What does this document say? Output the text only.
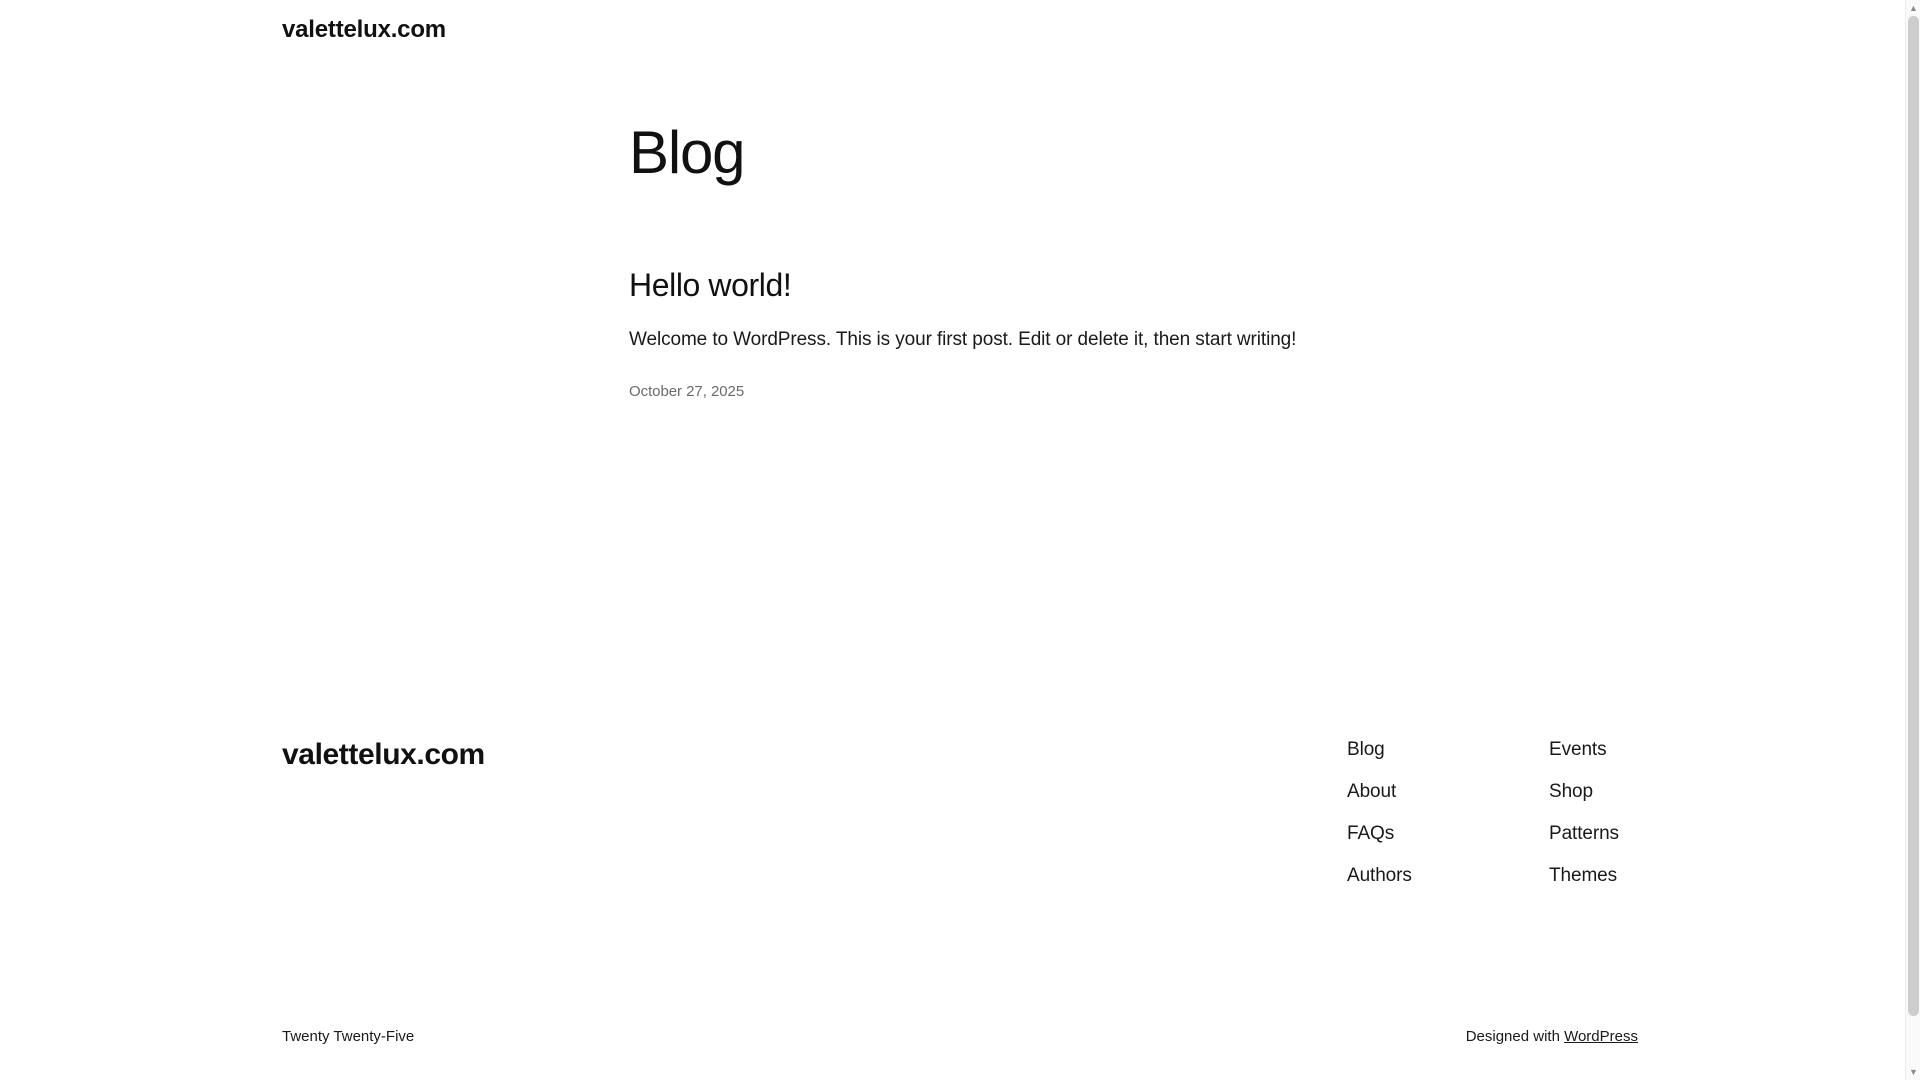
valettelux.com
Blog
Hello world!

Welcome to WordPress. This is your first post. Edit or delete it, then start writing!

October 27, 2025
valettelux.com	Blog
About
FAQs
Authors
Events
Shop
Patterns
Themes
Twenty Twenty-Five	Designed with WordPress
▲
▼
